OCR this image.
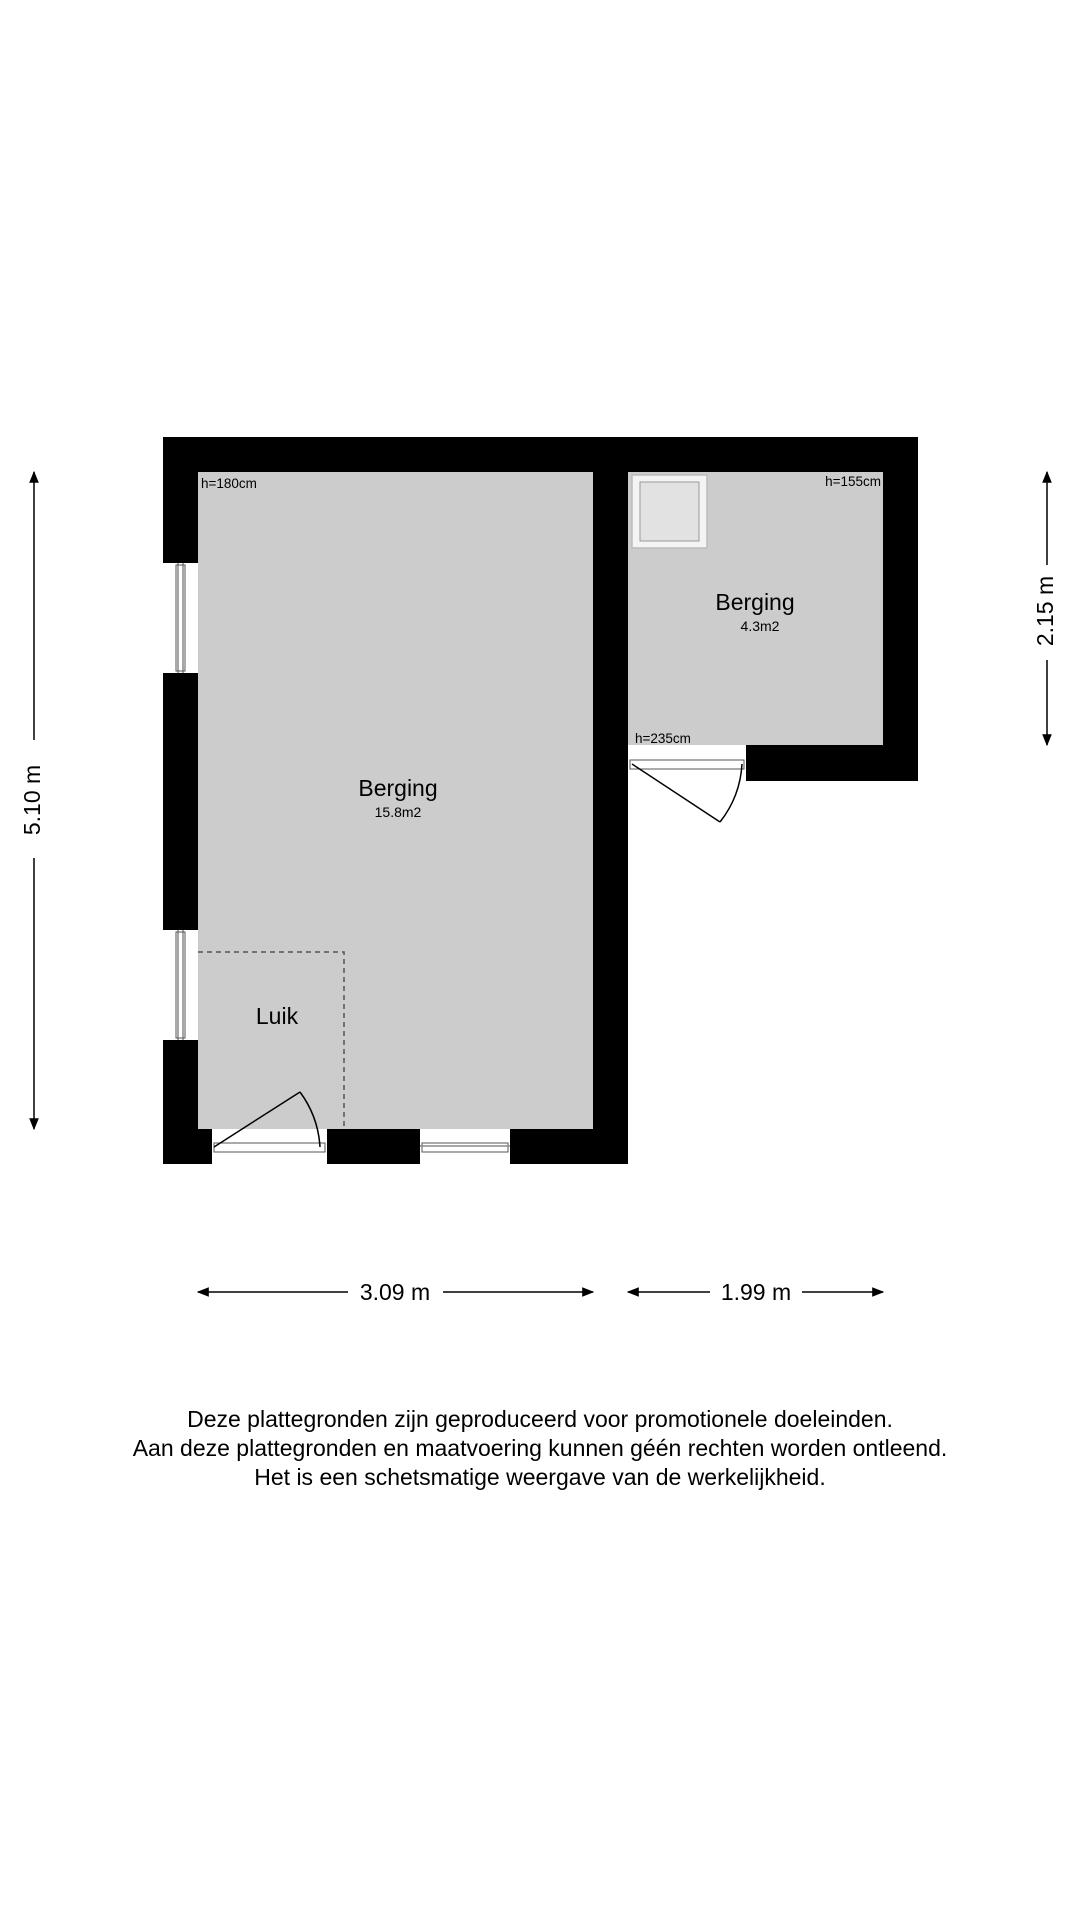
Berging
15.8m2
h=180cm
Berging
4.3m2
h=155cm
h=235cm
Luik
5.10 m
2.15 m
3.09 m	1.99 m
Deze plattegronden zijn geproduceerd voor promotionele doeleinden.
Aan deze plattegronden en maatvoering kunnen géén rechten worden ontleend.
Het is een schetsmatige weergave van de werkelijkheid.
